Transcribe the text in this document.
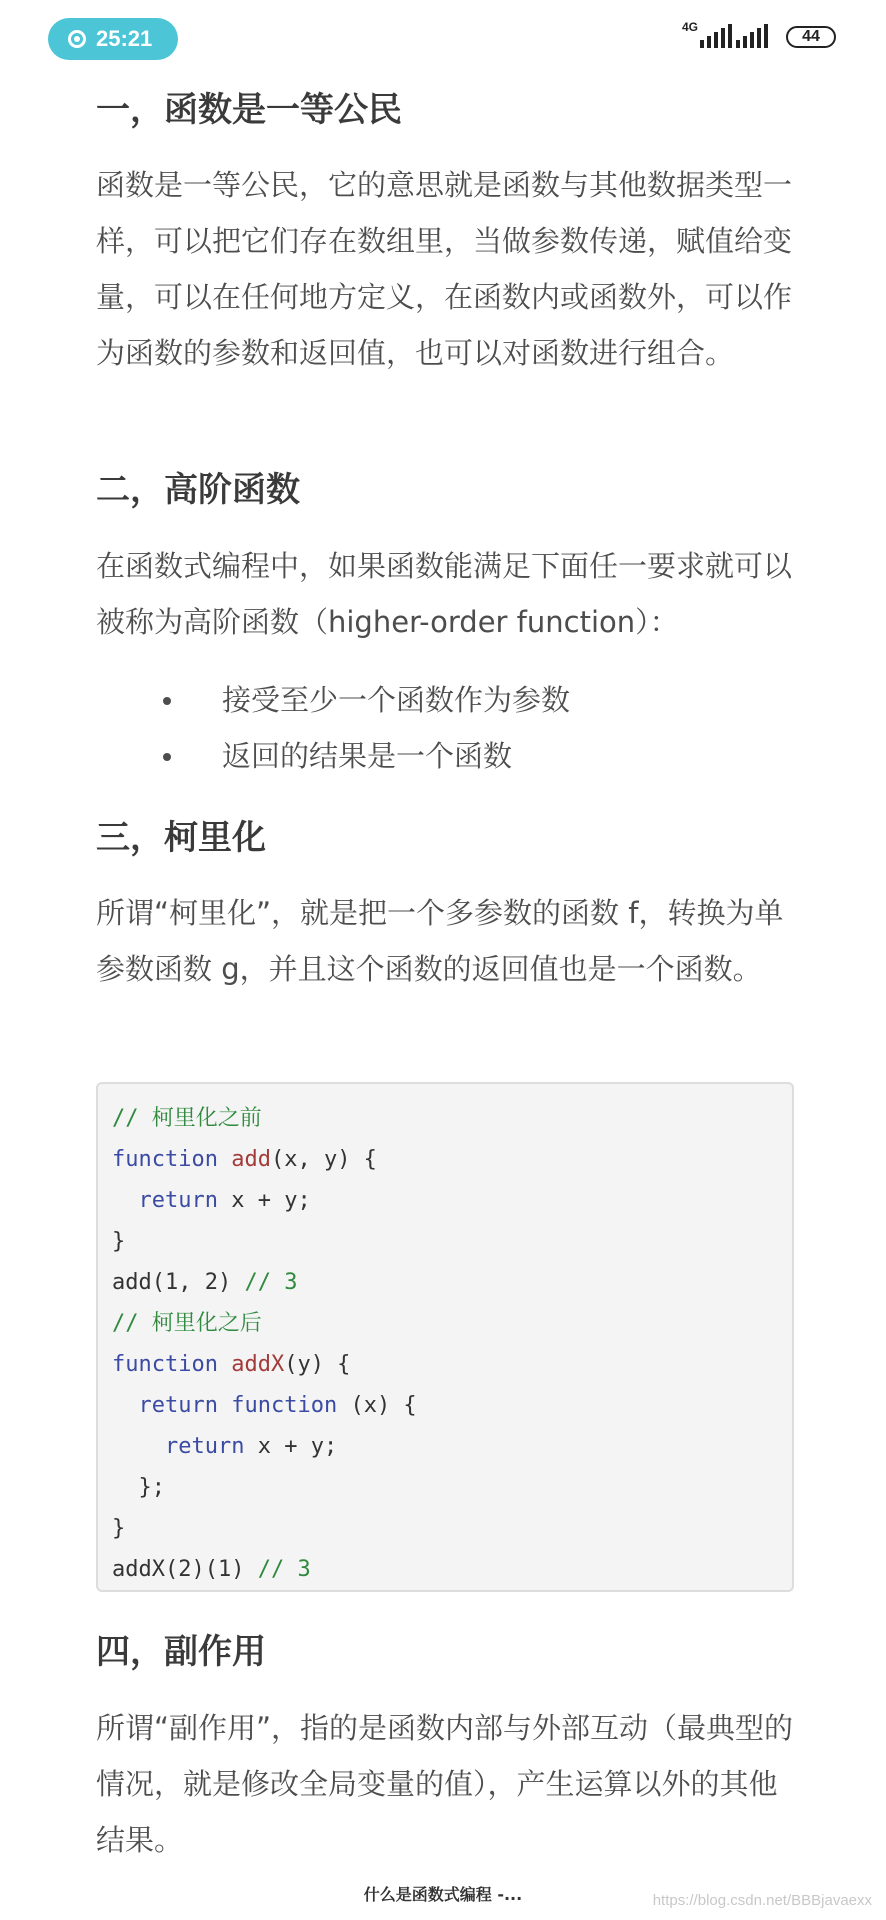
25:21	4G
44
一，函数是一等公民

函数是一等公民，它的意思就是函数与其他数据类型一样，可以把它们存在数组里，当做参数传递，赋值给变量，可以在任何地方定义，在函数内或函数外，可以作为函数的参数和返回值，也可以对函数进行组合。

二，高阶函数

在函数式编程中，如果函数能满足下面任一要求就可以被称为高阶函数（higher-order function）：

接受至少一个函数作为参数
返回的结果是一个函数
三，柯里化

所谓“柯里化”，就是把一个多参数的函数 f，转换为单参数函数 g，并且这个函数的返回值也是一个函数。

// 柯里化之前
function add(x, y) {
return x + y;
}
add(1, 2) // 3
// 柯里化之后
function addX(y) {
return function (x) {
return x + y;
};
}
addX(2)(1) // 3
四，副作用

所谓“副作用”，指的是函数内部与外部互动（最典型的情况，就是修改全局变量的值），产生运算以外的其他结果。

什么是函数式编程 -...	https://blog.csdn.net/BBBjavaexx
